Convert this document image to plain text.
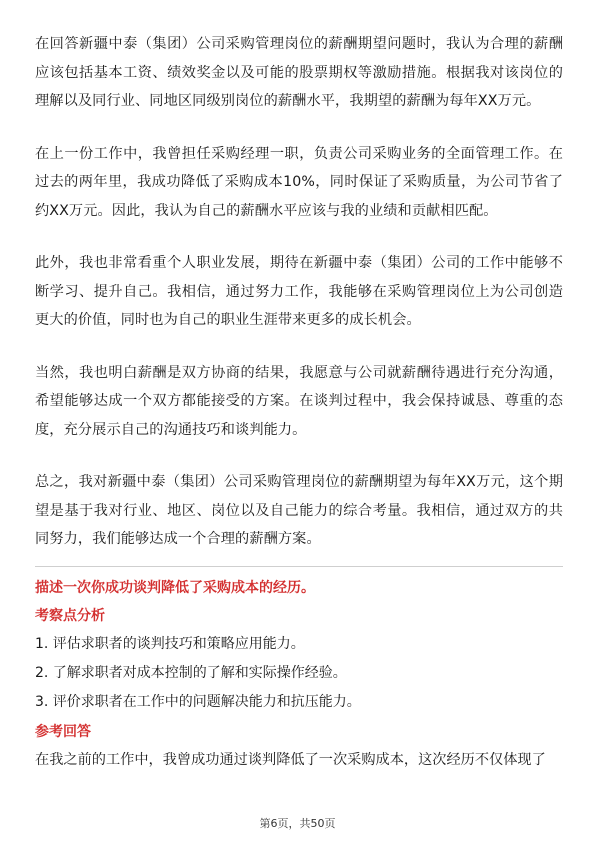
在回答新疆中泰（集团）公司采购管理岗位的薪酬期望问题时，我认为合理的薪酬应该包括基本工资、绩效奖金以及可能的股票期权等激励措施。根据我对该岗位的理解以及同行业、同地区同级别岗位的薪酬水平，我期望的薪酬为每年XX万元。

在上一份工作中，我曾担任采购经理一职，负责公司采购业务的全面管理工作。在过去的两年里，我成功降低了采购成本10%，同时保证了采购质量，为公司节省了约XX万元。因此，我认为自己的薪酬水平应该与我的业绩和贡献相匹配。

此外，我也非常看重个人职业发展，期待在新疆中泰（集团）公司的工作中能够不断学习、提升自己。我相信，通过努力工作，我能够在采购管理岗位上为公司创造更大的价值，同时也为自己的职业生涯带来更多的成长机会。

当然，我也明白薪酬是双方协商的结果，我愿意与公司就薪酬待遇进行充分沟通，希望能够达成一个双方都能接受的方案。在谈判过程中，我会保持诚恳、尊重的态度，充分展示自己的沟通技巧和谈判能力。

总之，我对新疆中泰（集团）公司采购管理岗位的薪酬期望为每年XX万元，这个期望是基于我对行业、地区、岗位以及自己能力的综合考量。我相信，通过双方的共同努力，我们能够达成一个合理的薪酬方案。

描述一次你成功谈判降低了采购成本的经历。
考察点分析
1. 评估求职者的谈判技巧和策略应用能力。
2. 了解求职者对成本控制的了解和实际操作经验。
3. 评价求职者在工作中的问题解决能力和抗压能力。
参考回答

在我之前的工作中，我曾成功通过谈判降低了一次采购成本，这次经历不仅体现了

第6页，共50页
